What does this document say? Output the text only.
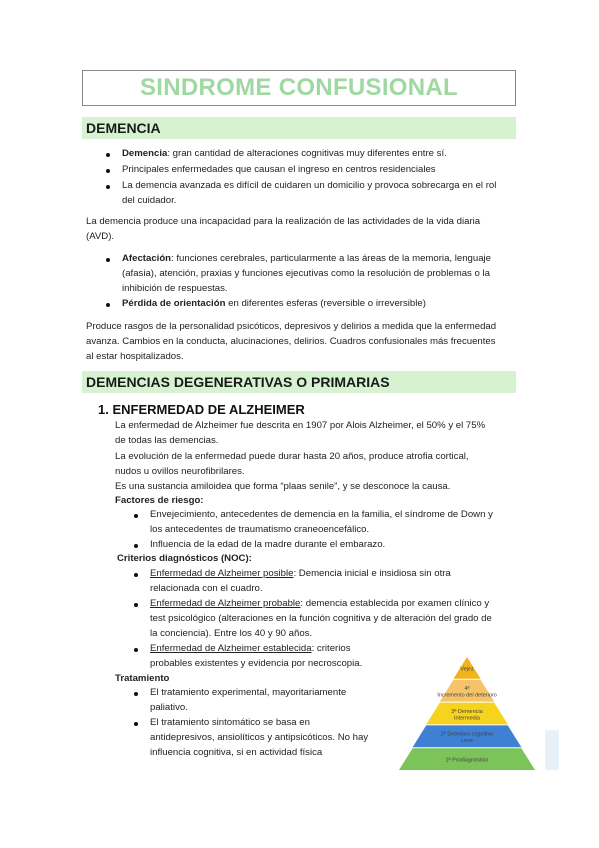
SINDROME CONFUSIONAL
DEMENCIA
Demencia: gran cantidad de alteraciones cognitivas muy diferentes entre sí.
Principales enfermedades que causan el ingreso en centros residenciales
La demencia avanzada es difícil de cuidaren un domicilio y provoca sobrecarga en el rol
del cuidador.
La demencia produce una incapacidad para la realización de las actividades de la vida diaria
(AVD).
Afectación: funciones cerebrales, particularmente a las áreas de la memoria, lenguaje
(afasia), atención, praxias y funciones ejecutivas como la resolución de problemas o la
inhibición de respuestas.
Pérdida de orientación en diferentes esferas (reversible o irreversible)
Produce rasgos de la personalidad psicóticos, depresivos y delirios a medida que la enfermedad
avanza. Cambios en la conducta, alucinaciones, delirios. Cuadros confusionales más frecuentes
al estar hospitalizados.
DEMENCIAS DEGENERATIVAS O PRIMARIAS
1. ENFERMEDAD DE ALZHEIMER
La enfermedad de Alzheimer fue descrita en 1907 por Alois Alzheimer, el 50% y el 75%
de todas las demencias.
La evolución de la enfermedad puede durar hasta 20 años, produce atrofia cortical,
nudos u ovillos neurofibrilares.
Es una sustancia amiloidea que forma “plaas senile”, y se desconoce la causa.
Factores de riesgo:
Envejecimiento, antecedentes de demencia en la familia, el síndrome de Down y
los antecedentes de traumatismo craneoencefálico.
Influencia de la edad de la madre durante el embarazo.
Criterios diagnósticos (NOC):
Enfermedad de Alzheimer posible: Demencia inicial e insidiosa sin otra
relacionada con el cuadro.
Enfermedad de Alzheimer probable: demencia establecida por examen clínico y
test psicológico (alteraciones en la función cognitiva y de alteración del grado de
la conciencia). Entre los 40 y 90 años.
Enfermedad de Alzheimer establecida: criterios
probables existentes y evidencia por necroscopia.
Tratamiento
El tratamiento experimental, mayoritariamente
paliativo.
El tratamiento sintomático se basa en
antidepresivos, ansiolíticos y antipsicóticos. No hay
influencia cognitiva, si en actividad física
Vejez
4ª
Incremento del deterioro
3ª Demencia
Intermedia
2ª Deterioro cognitivo
Leve
1ª Prodiagnóstico
